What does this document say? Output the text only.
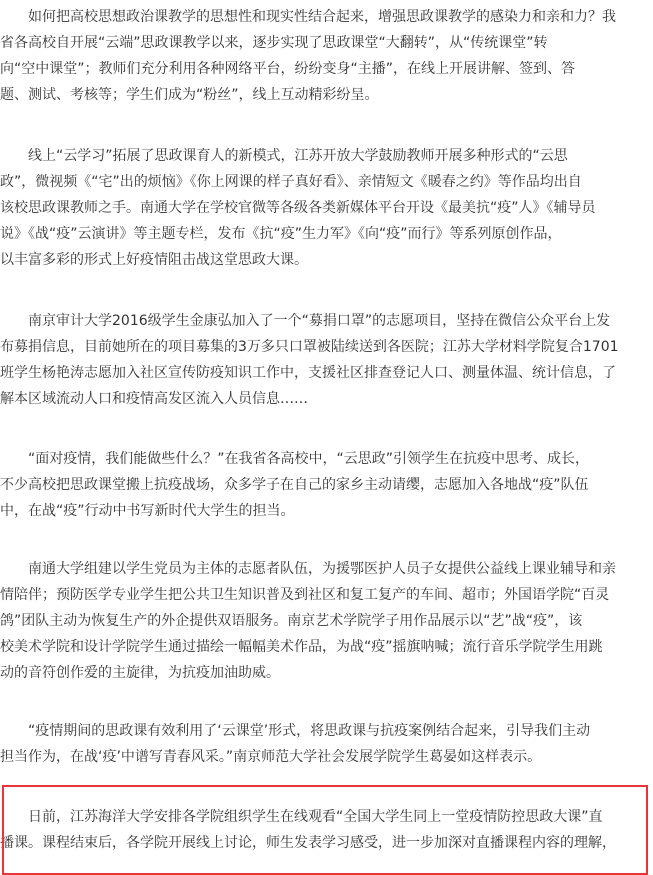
　　如何把高校思想政治课教学的思想性和现实性结合起来，增强思政课教学的感染力和亲和力？我
省各高校自开展“云端”思政课教学以来，逐步实现了思政课堂“大翻转”，从“传统课堂”转
向“空中课堂”；教师们充分利用各种网络平台，纷纷变身“主播”，在线上开展讲解、签到、答
题、测试、考核等；学生们成为“粉丝”，线上互动精彩纷呈。

　　线上“云学习”拓展了思政课育人的新模式，江苏开放大学鼓励教师开展多种形式的“云思
政”，微视频《“宅”出的烦恼》《你上网课的样子真好看》、亲情短文《暖春之约》等作品均出自
该校思政课教师之手。南通大学在学校官微等各级各类新媒体平台开设《最美抗“疫”人》《辅导员
说》《战“疫”云演讲》等主题专栏，发布《抗“疫”生力军》《向“疫”而行》等系列原创作品，
以丰富多彩的形式上好疫情阻击战这堂思政大课。

　　南京审计大学2016级学生金康弘加入了一个“募捐口罩”的志愿项目，坚持在微信公众平台上发
布募捐信息，目前她所在的项目募集的3万多只口罩被陆续送到各医院；江苏大学材料学院复合1701
班学生杨艳涛志愿加入社区宣传防疫知识工作中，支援社区排查登记人口、测量体温、统计信息，了
解本区域流动人口和疫情高发区流入人员信息……

　　“面对疫情，我们能做些什么？”在我省各高校中，“云思政”引领学生在抗疫中思考、成长，
不少高校把思政课堂搬上抗疫战场，众多学子在自己的家乡主动请缨，志愿加入各地战“疫”队伍
中，在战“疫”行动中书写新时代大学生的担当。

　　南通大学组建以学生党员为主体的志愿者队伍，为援鄂医护人员子女提供公益线上课业辅导和亲
情陪伴；预防医学专业学生把公共卫生知识普及到社区和复工复产的车间、超市；外国语学院“百灵
鸽”团队主动为恢复生产的外企提供双语服务。南京艺术学院学子用作品展示以“艺”战“疫”，该
校美术学院和设计学院学生通过描绘一幅幅美术作品，为战“疫”摇旗呐喊；流行音乐学院学生用跳
动的音符创作爱的主旋律，为抗疫加油助威。

　　“疫情期间的思政课有效利用了‘云课堂’形式，将思政课与抗疫案例结合起来，引导我们主动
担当作为，在战‘疫’中谱写青春风采。”南京师范大学社会发展学院学生葛晏如这样表示。

　　日前，江苏海洋大学安排各学院组织学生在线观看“全国大学生同上一堂疫情防控思政大课”直
播课。课程结束后，各学院开展线上讨论，师生发表学习感受，进一步加深对直播课程内容的理解，
